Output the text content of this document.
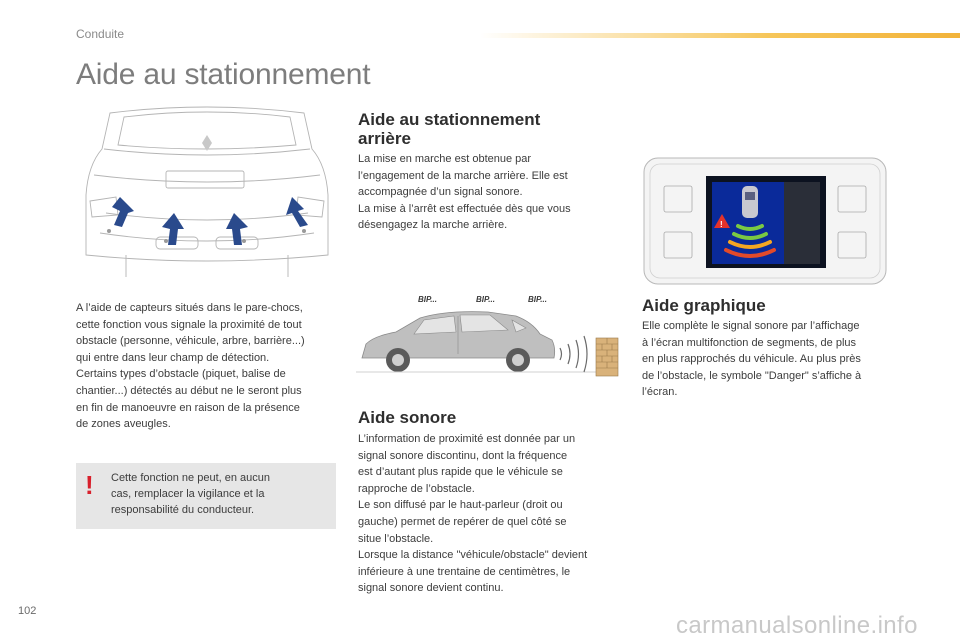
Conduite
Aide au stationnement

A l’aide de capteurs situés dans le pare-chocs,

cette fonction vous signale la proximité de tout

obstacle (personne, véhicule, arbre, barrière...)

qui entre dans leur champ de détection.

Certains types d’obstacle (piquet, balise de

chantier...) détectés au début ne le seront plus

en fin de manoeuvre en raison de la présence

de zones aveugles.

!	Cette fonction ne peut, en aucun
cas, remplacer la vigilance et la
responsabilité du conducteur.
Aide au stationnement
arrière

La mise en marche est obtenue par

l’engagement de la marche arrière. Elle est

accompagnée d’un signal sonore.

La mise à l’arrêt est effectuée dès que vous

désengagez la marche arrière.

BIP...	BIP...	BIP...
Aide sonore

L’information de proximité est donnée par un

signal sonore discontinu, dont la fréquence

est d’autant plus rapide que le véhicule se

rapproche de l’obstacle.

Le son diffusé par le haut-parleur (droit ou

gauche) permet de repérer de quel côté se

situe l’obstacle.

Lorsque la distance "véhicule/obstacle" devient

inférieure à une trentaine de centimètres, le

signal sonore devient continu.

!
Aide graphique

Elle complète le signal sonore par l’affichage

à l’écran multifonction de segments, de plus

en plus rapprochés du véhicule. Au plus près

de l’obstacle, le symbole "Danger" s’affiche à

l’écran.

102
carmanualsonline.info
